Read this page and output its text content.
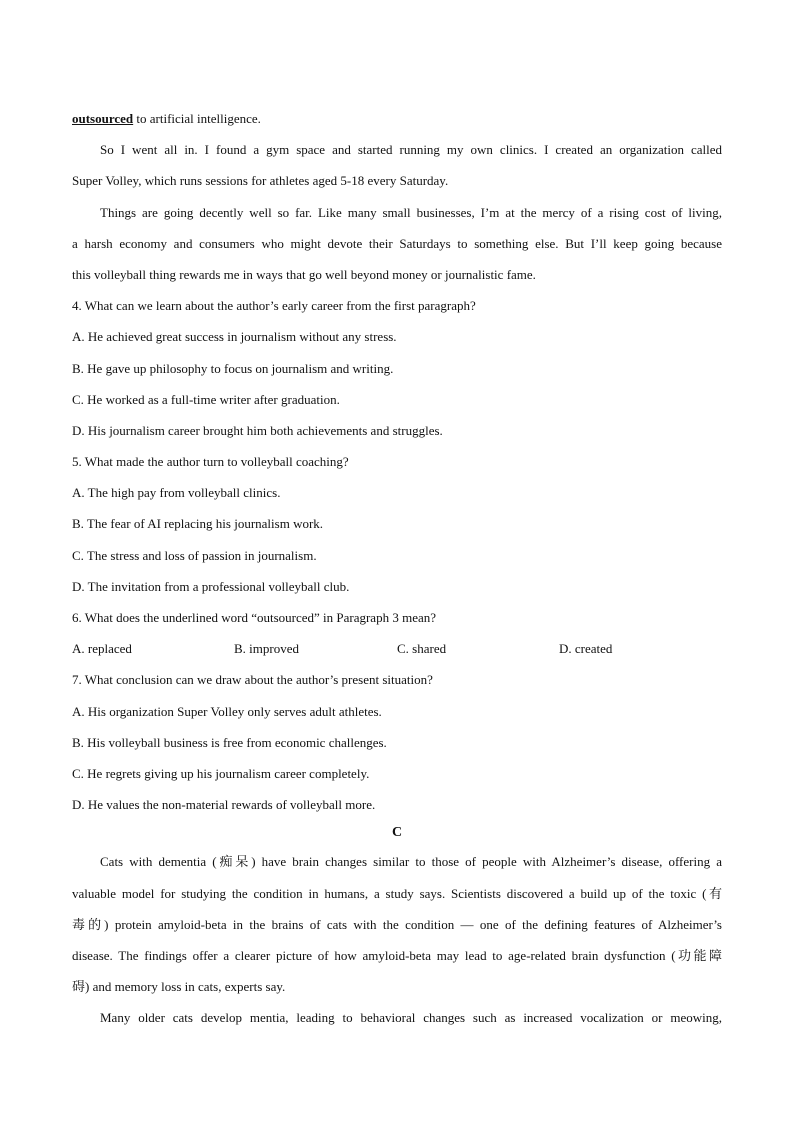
outsourced to artificial intelligence.
So I went all in. I found a gym space and started running my own clinics. I created an organization called
Super Volley, which runs sessions for athletes aged 5-18 every Saturday.
Things are going decently well so far. Like many small businesses, I’m at the mercy of a rising cost of living,
a harsh economy and consumers who might devote their Saturdays to something else. But I’ll keep going because
this volleyball thing rewards me in ways that go well beyond money or journalistic fame.
4. What can we learn about the author’s early career from the first paragraph?
A. He achieved great success in journalism without any stress.
B. He gave up philosophy to focus on journalism and writing.
C. He worked as a full-time writer after graduation.
D. His journalism career brought him both achievements and struggles.
5. What made the author turn to volleyball coaching?
A. The high pay from volleyball clinics.
B. The fear of AI replacing his journalism work.
C. The stress and loss of passion in journalism.
D. The invitation from a professional volleyball club.
6. What does the underlined word “outsourced” in Paragraph 3 mean?
A. replaced	B. improved	C. shared	D. created
7. What conclusion can we draw about the author’s present situation?
A. His organization Super Volley only serves adult athletes.
B. His volleyball business is free from economic challenges.
C. He regrets giving up his journalism career completely.
D. He values the non-material rewards of volleyball more.
C
Cats with dementia (痴呆) have brain changes similar to those of people with Alzheimer’s disease, offering a
valuable model for studying the condition in humans, a study says. Scientists discovered a build up of the toxic (有
毒的) protein amyloid-beta in the brains of cats with the condition — one of the defining features of Alzheimer’s
disease. The findings offer a clearer picture of how amyloid-beta may lead to age-related brain dysfunction (功能障
碍) and memory loss in cats, experts say.
Many older cats develop mentia, leading to behavioral changes such as increased vocalization or meowing,
